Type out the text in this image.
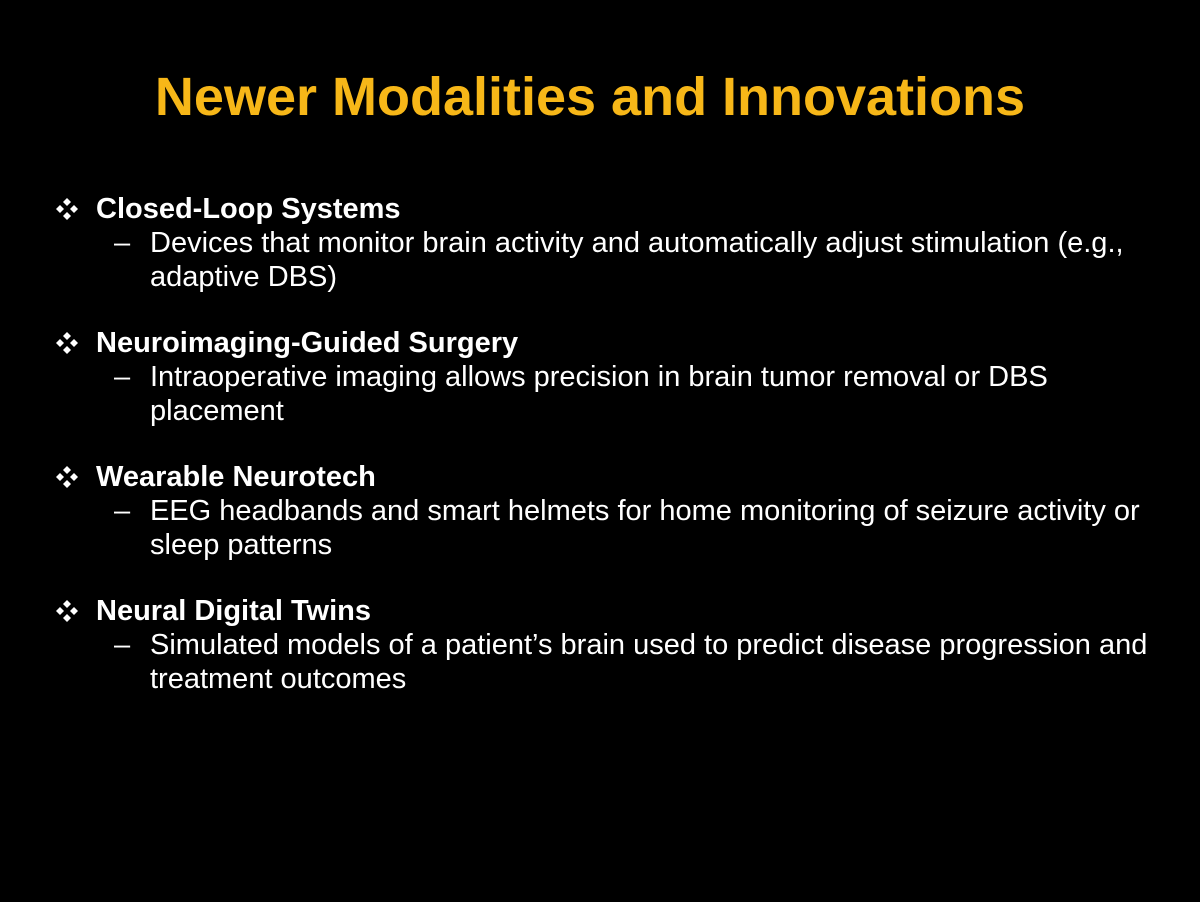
Newer Modalities and Innovations
Closed-Loop Systems
– Devices that monitor brain activity and automatically adjust stimulation (e.g., adaptive DBS)
Neuroimaging-Guided Surgery
– Intraoperative imaging allows precision in brain tumor removal or DBS placement
Wearable Neurotech
– EEG headbands and smart helmets for home monitoring of seizure activity or sleep patterns
Neural Digital Twins
– Simulated models of a patient’s brain used to predict disease progression and treatment outcomes
